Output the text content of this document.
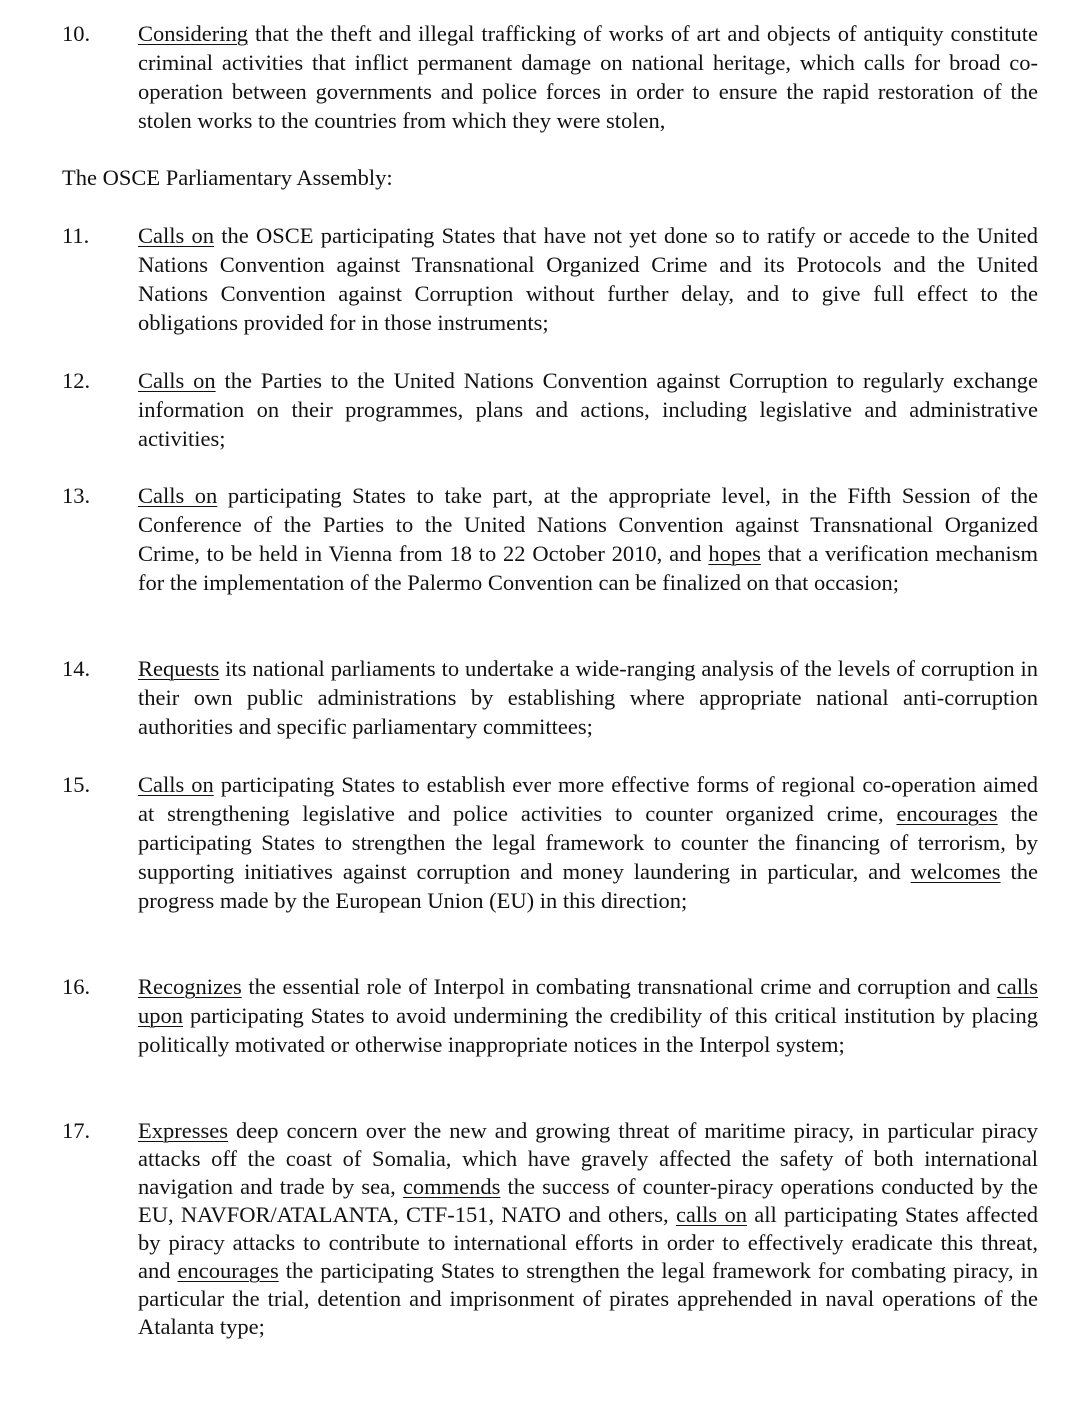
10.	Considering that the theft and illegal trafficking of works of art and objects of antiquity constitute criminal activities that inflict permanent damage on national heritage, which calls for broad co-operation between governments and police forces in order to ensure the rapid restoration of the stolen works to the countries from which they were stolen,
The OSCE Parliamentary Assembly:
11.	Calls on the OSCE participating States that have not yet done so to ratify or accede to the United Nations Convention against Transnational Organized Crime and its Protocols and the United Nations Convention against Corruption without further delay, and to give full effect to the obligations provided for in those instruments;
12.	Calls on the Parties to the United Nations Convention against Corruption to regularly exchange information on their programmes, plans and actions, including legislative and administrative activities;
13.	Calls on participating States to take part, at the appropriate level, in the Fifth Session of the Conference of the Parties to the United Nations Convention against Transnational Organized Crime, to be held in Vienna from 18 to 22 October 2010, and hopes that a verification mechanism for the implementation of the Palermo Convention can be finalized on that occasion;
14.	Requests its national parliaments to undertake a wide-ranging analysis of the levels of corruption in their own public administrations by establishing where appropriate national anti-corruption authorities and specific parliamentary committees;
15.	Calls on participating States to establish ever more effective forms of regional co-operation aimed at strengthening legislative and police activities to counter organized crime, encourages the participating States to strengthen the legal framework to counter the financing of terrorism, by supporting initiatives against corruption and money laundering in particular, and welcomes the progress made by the European Union (EU) in this direction;
16.	Recognizes the essential role of Interpol in combating transnational crime and corruption and calls upon participating States to avoid undermining the credibility of this critical institution by placing politically motivated or otherwise inappropriate notices in the Interpol system;
17.	Expresses deep concern over the new and growing threat of maritime piracy, in particular piracy attacks off the coast of Somalia, which have gravely affected the safety of both international navigation and trade by sea, commends the success of counter-piracy operations conducted by the EU, NAVFOR/ATALANTA, CTF-151, NATO and others, calls on all participating States affected by piracy attacks to contribute to international efforts in order to effectively eradicate this threat, and encourages the participating States to strengthen the legal framework for combating piracy, in particular the trial, detention and imprisonment of pirates apprehended in naval operations of the Atalanta type;
